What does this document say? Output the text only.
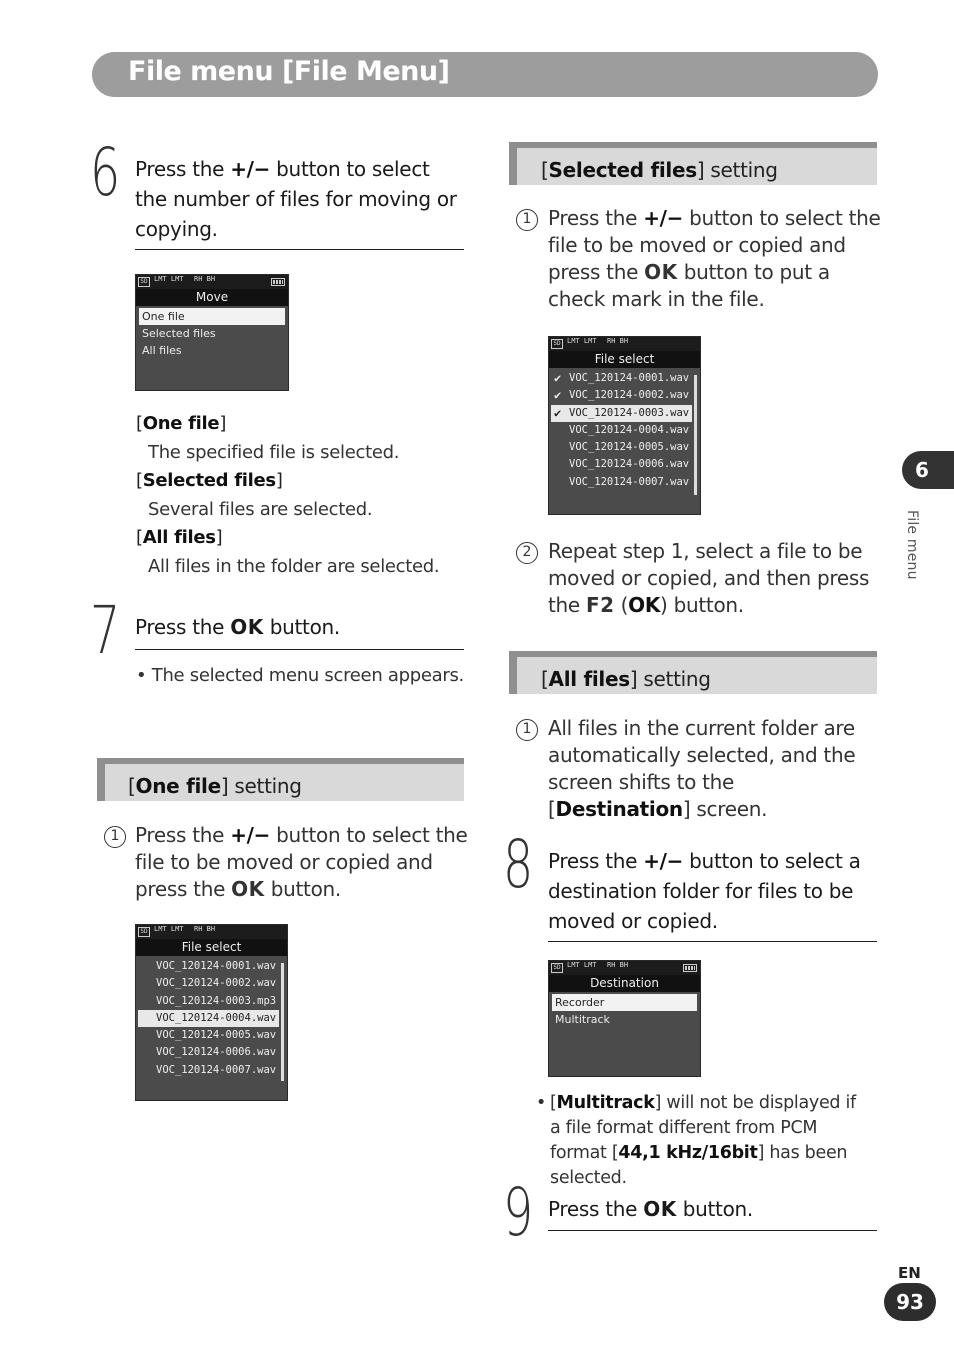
File menu [File Menu]
6 Press the +/− button to select the number of files for moving or copying.
SD LMT LMT RH BH
Move
One file
Selected files
All files
[One file]
The specified file is selected.
[Selected files]
Several files are selected.
[All files]
All files in the folder are selected.
7 Press the OK button.
• The selected menu screen appears.
[One file] setting
1 Press the +/− button to select the file to be moved or copied and press the OK button.
SD LMT LMT RH BH
File select
VOC_120124-0001.wav
VOC_120124-0002.wav
VOC_120124-0003.mp3
VOC_120124-0004.wav
VOC_120124-0005.wav
VOC_120124-0006.wav
VOC_120124-0007.wav
[Selected files] setting
1 Press the +/− button to select the file to be moved or copied and press the OK button to put a check mark in the file.
SD LMT LMT RH BH
File select
✔ VOC_120124-0001.wav
✔ VOC_120124-0002.wav
✔ VOC_120124-0003.wav
VOC_120124-0004.wav
VOC_120124-0005.wav
VOC_120124-0006.wav
VOC_120124-0007.wav
2 Repeat step 1, select a file to be moved or copied, and then press the F2 (OK) button.
[All files] setting
1 All files in the current folder are automatically selected, and the screen shifts to the [Destination] screen.
8 Press the +/− button to select a destination folder for files to be moved or copied.
SD LMT LMT RH BH
Destination
Recorder
Multitrack
• [Multitrack] will not be displayed if a file format different from PCM format [44,1 kHz/16bit] has been selected.
9 Press the OK button.
6
File menu
EN
93
